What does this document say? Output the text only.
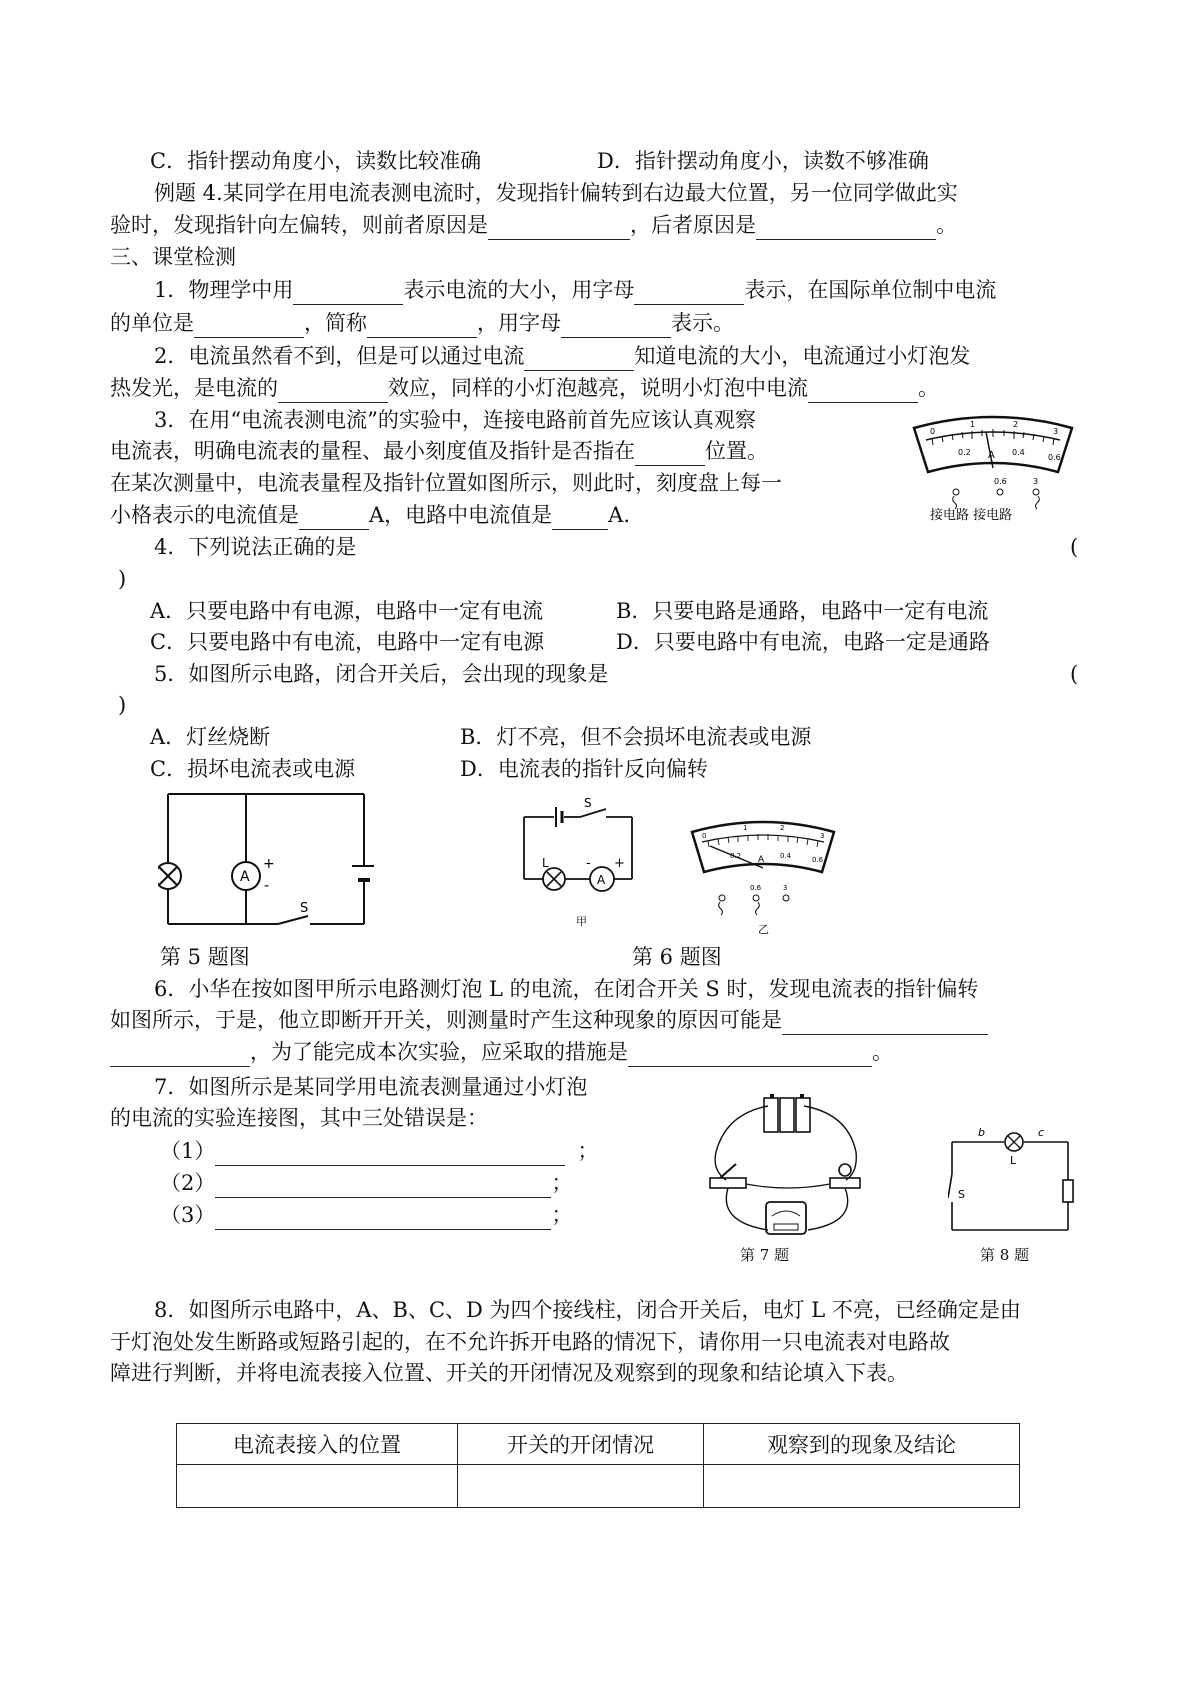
C．指针摆动角度小，读数比较准确	D．指针摆动角度小，读数不够准确
例题 4.某同学在用电流表测电流时，发现指针偏转到右边最大位置，另一位同学做此实
验时，发现指针向左偏转，则前者原因是	，后者原因是	。
三、课堂检测
1．物理学中用	表示电流的大小，用字母	表示，在国际单位制中电流
的单位是	，简称	，用字母	表示。
2．电流虽然看不到，但是可以通过电流	知道电流的大小，电流通过小灯泡发
热发光，是电流的	效应，同样的小灯泡越亮，说明小灯泡中电流	。
3．在用“电流表测电流”的实验中，连接电路前首先应该认真观察
电流表，明确电流表的量程、最小刻度值及指针是否指在	位置。
在某次测量中，电流表量程及指针位置如图所示，则此时，刻度盘上每一
小格表示的电流值是	A，电路中电流值是	A.
0
1	2
3
0.2 A 0.4
0.6
0.6	3
接电路 接电路
4．下列说法正确的是	(
)
A．只要电路中有电源，电路中一定有电流	B．只要电路是通路，电路中一定有电流
C．只要电路中有电流，电路中一定有电源	D．只要电路中有电流，电路一定是通路
5．如图所示电路，闭合开关后，会出现的现象是	(
)
A．灯丝烧断	B．灯不亮，但不会损坏电流表或电源
C．损坏电流表或电源	D．电流表的指针反向偏转
A
+
-
S
第 5 题图
S
L
A
- +
甲
0
1	2
3
0.2 A 0.4	0.6
0.6	3
乙
第 6 题图
6．小华在按如图甲所示电路测灯泡 L 的电流，在闭合开关 S 时，发现电流表的指针偏转
如图所示，于是，他立即断开开关，则测量时产生这种现象的原因可能是
，为了能完成本次实验，应采取的措施是	。
7．如图所示是某同学用电流表测量通过小灯泡
的电流的实验连接图，其中三处错误是：
（1）	；
（2）	；
（3）	；
第 7 题
b	c
L
S
第 8 题
8．如图所示电路中，A、B、C、D 为四个接线柱，闭合开关后，电灯 L 不亮，已经确定是由
于灯泡处发生断路或短路引起的，在不允许拆开电路的情况下，请你用一只电流表对电路故
障进行判断，并将电流表接入位置、开关的开闭情况及观察到的现象和结论填入下表。
电流表接入的位置	开关的开闭情况	观察到的现象及结论
